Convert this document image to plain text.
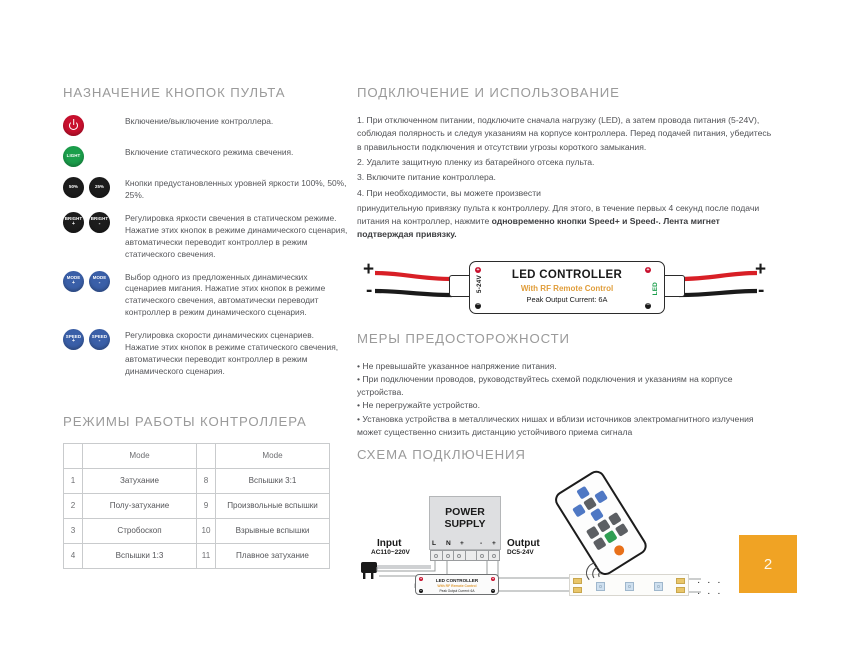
НАЗНАЧЕНИЕ КНОПОК ПУЛЬТА
Включение/выключение контроллера.
LIGHT	Включение статического режима свечения.
50%	25% Кнопки предустановленных уровней яркости 100%, 50%, 25%.
BRIGHT
+
BRIGHT
-
Регулировка яркости свечения в статическом режиме. Нажатие этих кнопок в режиме динамического сценария, автоматически переводит контроллер в режим статического свечения.
MODE
+
MODE
-
Выбор одного из предложенных динамических сценариев мигания. Нажатие этих кнопок в режиме статического свечения, автоматически переводит контроллер в режим динамического сценария.
SPEED
+
SPEED
-
Регулировка скорости динамических сценариев. Нажатие этих кнопок в режиме статического свечения, автоматически переводит контроллер в режим динамического сценария.
РЕЖИМЫ РАБОТЫ КОНТРОЛЛЕРА
	Mode		Mode
1	Затухание	8	Вспышки 3:1
2	Полу-затухание	9	Произвольные вспышки
3	Стробоскоп	10	Взрывные вспышки
4	Вспышки 1:3	11	Плавное затухание
ПОДКЛЮЧЕНИЕ И ИСПОЛЬЗОВАНИЕ

1. При отключенном питании, подключите сначала нагрузку (LED), а затем провода питания (5-24V), соблюдая полярность и следуя указаниям на корпусе контроллера. Перед подачей питания, убедитесь в правильности подключения и отсутствии угрозы короткого замыкания.

2. Удалите защитную пленку из батарейного отсека пульта.

3. Включите питание контроллера.

4. При необходимости, вы можете произвести

принудительную привязку пульта к контроллеру. Для этого, в течение первых 4 секунд после подачи питания на контроллер, нажмите одновременно кнопки Speed+ и Speed-. Лента мигнет подтверждая привязку.

+
-
+
-
+
−
5-24V	LED CONTROLLER
With RF Remote Control
Peak Output Current: 6A
+
−
LED
МЕРЫ ПРЕДОСТОРОЖНОСТИ

• Не превышайте указанное напряжение питания.

• При подключении проводов, руководствуйтесь схемой подключения и указаниям на корпусе устройства.

• Не перегружайте устройство.

• Установка устройства в металлических нишах и вблизи источников электромагнитного излучения может существенно снизить дистанцию устойчивого приема сигнала

СХЕМА ПОДКЛЮЧЕНИЯ
POWER
SUPPLY
L N + - +
Input
AC110~220V
Output
DC5-24V
+
−
LED CONTROLLER
With RF Remote Control
Peak Output Current: 6A
+
−
· · ·
· · ·
2
